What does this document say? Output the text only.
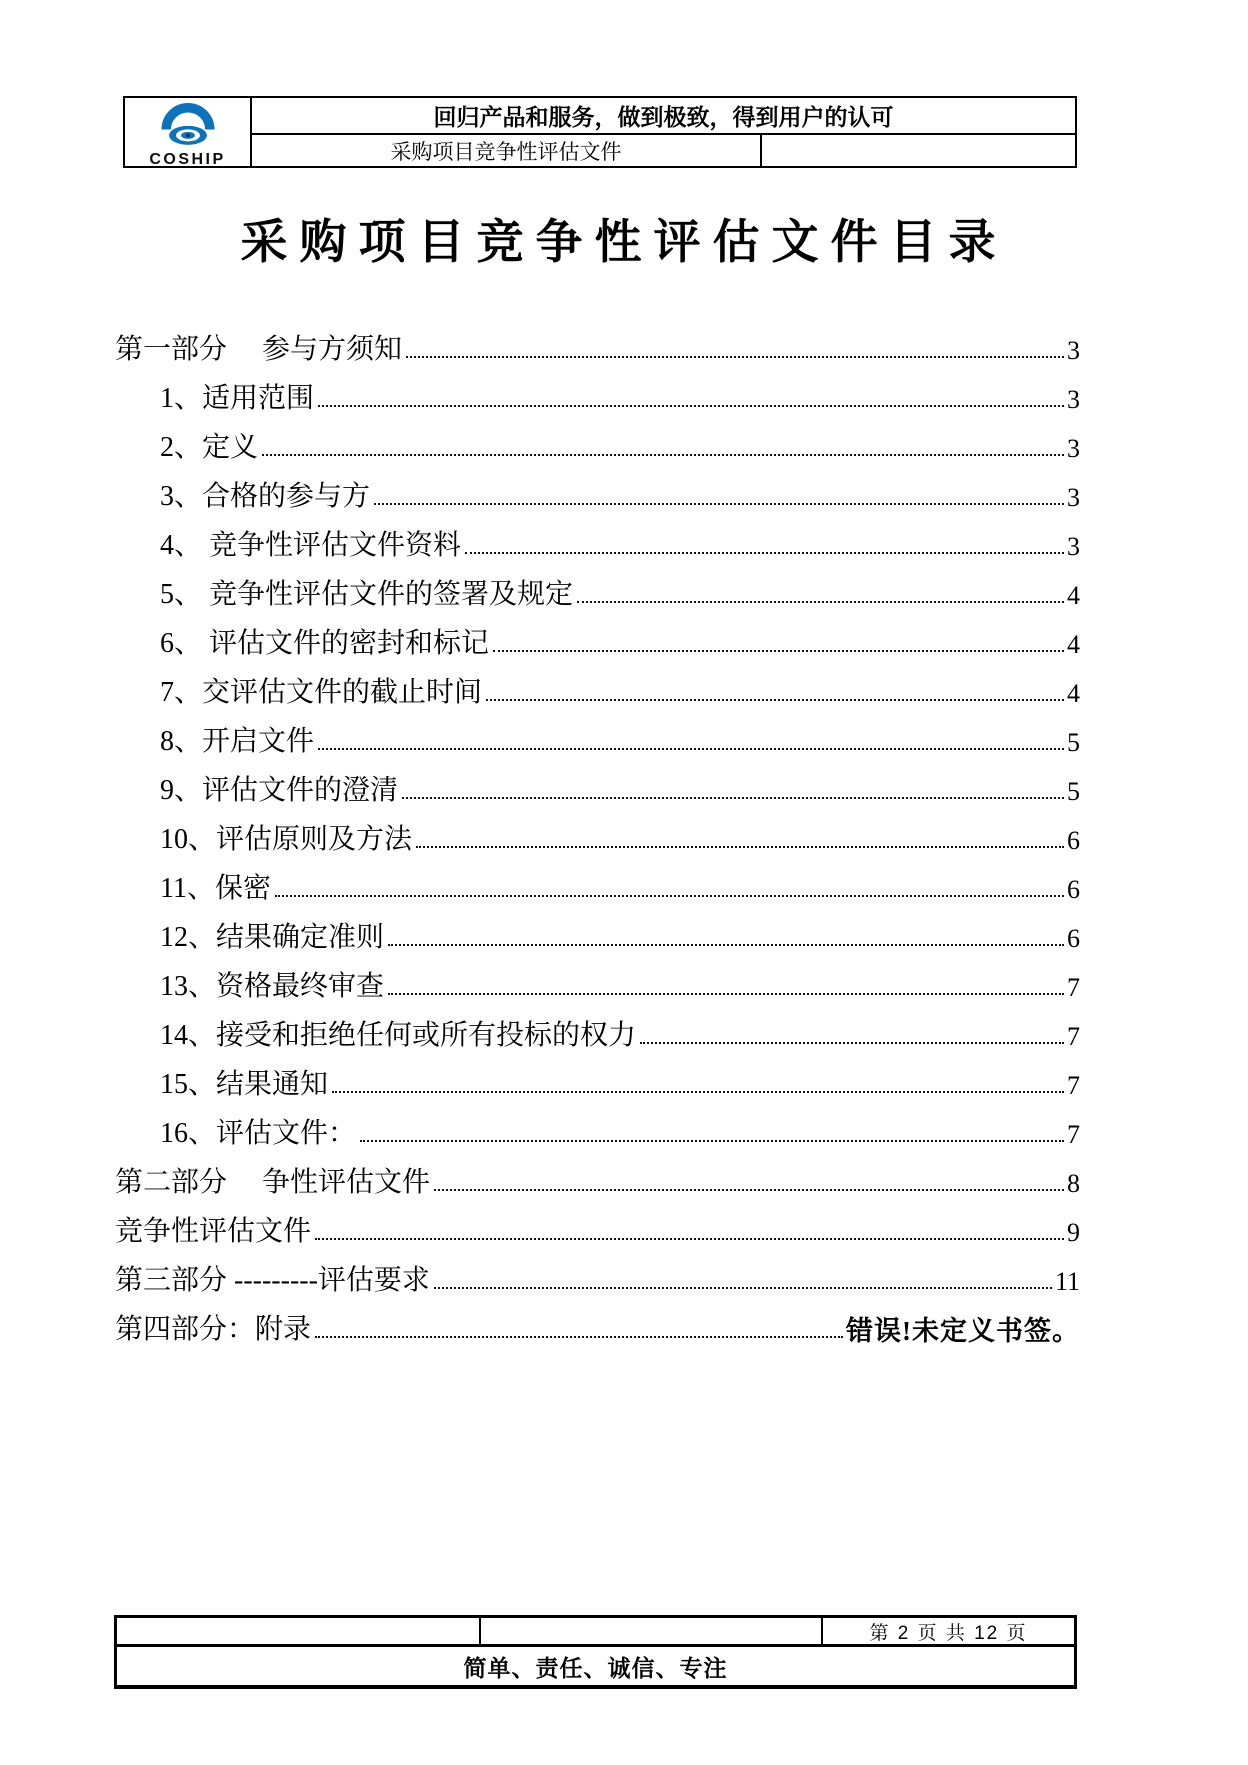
COSHIP
回归产品和服务，做到极致，得到用户的认可
采购项目竞争性评估文件
采购项目竞争性评估文件目录
第一部分　 参与方须知	3
1、适用范围	3
2、定义	3
3、合格的参与方	3
4、 竞争性评估文件资料	3
5、 竞争性评估文件的签署及规定	4
6、 评估文件的密封和标记	4
7、交评估文件的截止时间	4
8、开启文件	5
9、评估文件的澄清	5
10、评估原则及方法	6
11、保密	6
12、结果确定准则	6
13、资格最终审查	7
14、接受和拒绝任何或所有投标的权力	7
15、结果通知	7
16、评估文件：	7
第二部分　 争性评估文件	8
竞争性评估文件	9
第三部分 ---------评估要求	11
第四部分：附录	错误!未定义书签。
第 2 页 共 12 页
简单、责任、诚信、专注
